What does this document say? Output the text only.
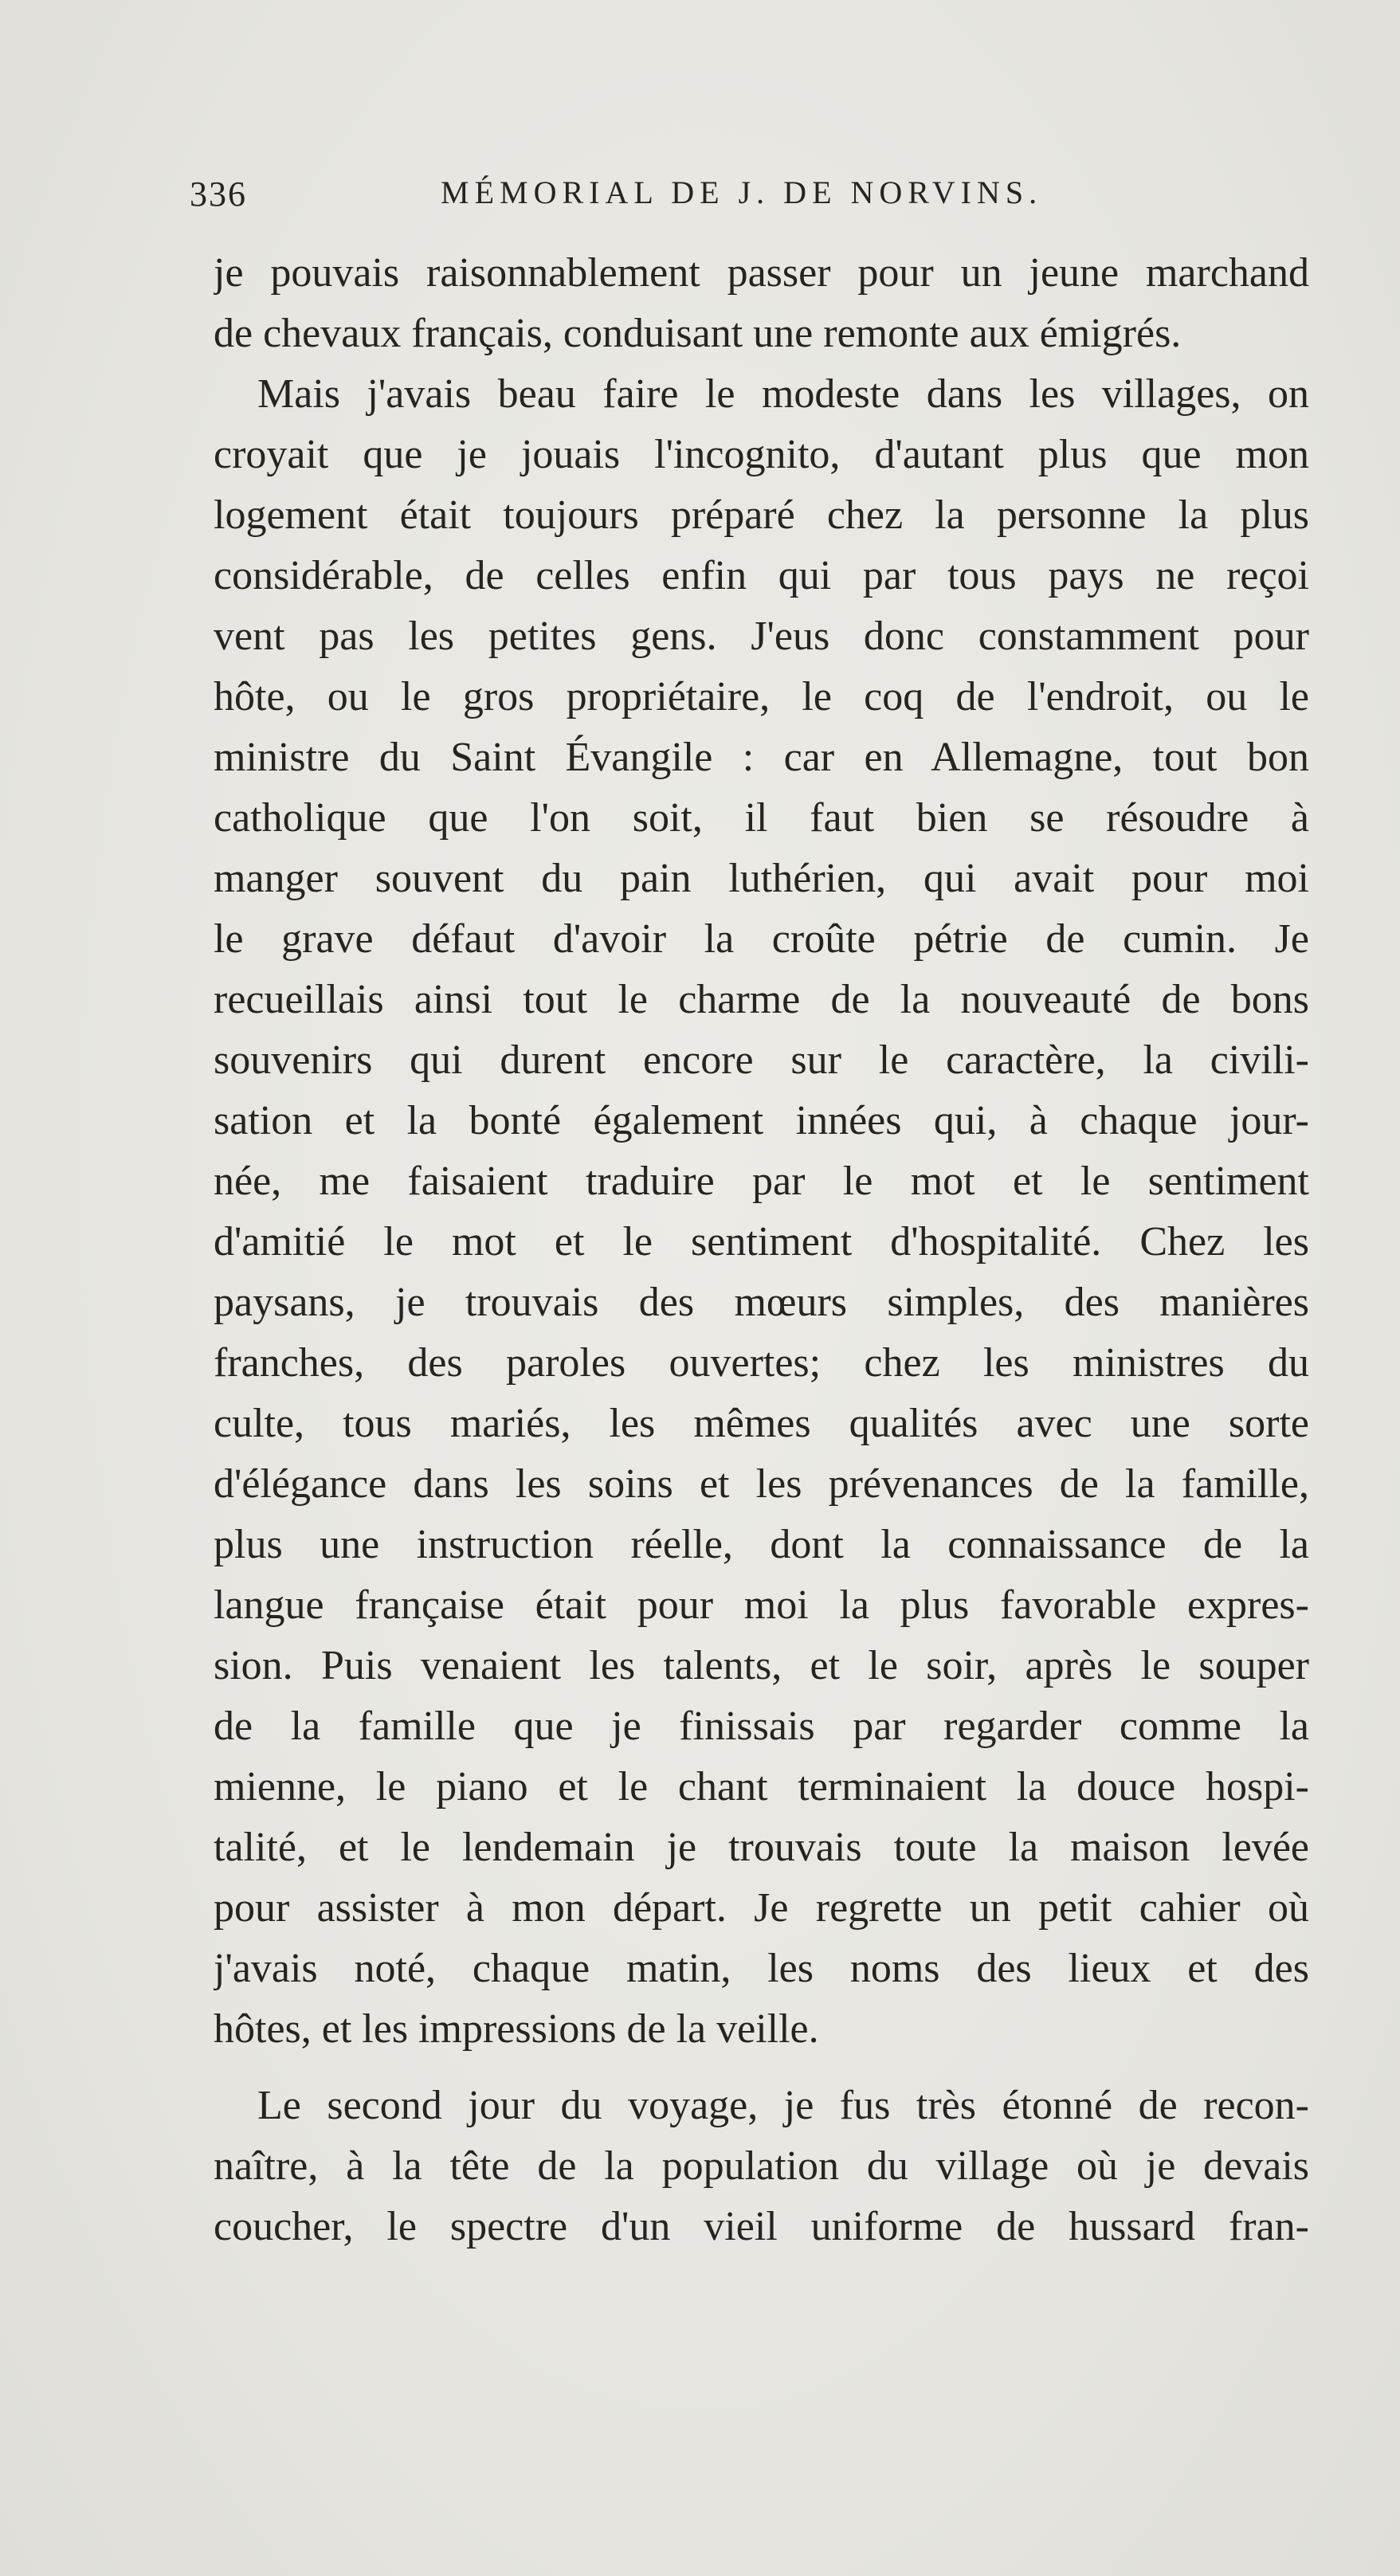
336	MÉMORIAL DE J. DE NORVINS.
je pouvais raisonnablement passer pour un jeune marchand
de chevaux français, conduisant une remonte aux émigrés.
Mais j'avais beau faire le modeste dans les villages, on
croyait que je jouais l'incognito, d'autant plus que mon
logement était toujours préparé chez la personne la plus
considérable, de celles enfin qui par tous pays ne reçoi
vent pas les petites gens. J'eus donc constamment pour
hôte, ou le gros propriétaire, le coq de l'endroit, ou le
ministre du Saint Évangile : car en Allemagne, tout bon
catholique que l'on soit, il faut bien se résoudre à
manger souvent du pain luthérien, qui avait pour moi
le grave défaut d'avoir la croûte pétrie de cumin. Je
recueillais ainsi tout le charme de la nouveauté de bons
souvenirs qui durent encore sur le caractère, la civili-
sation et la bonté également innées qui, à chaque jour-
née, me faisaient traduire par le mot et le sentiment
d'amitié le mot et le sentiment d'hospitalité. Chez les
paysans, je trouvais des mœurs simples, des manières
franches, des paroles ouvertes; chez les ministres du
culte, tous mariés, les mêmes qualités avec une sorte
d'élégance dans les soins et les prévenances de la famille,
plus une instruction réelle, dont la connaissance de la
langue française était pour moi la plus favorable expres-
sion. Puis venaient les talents, et le soir, après le souper
de la famille que je finissais par regarder comme la
mienne, le piano et le chant terminaient la douce hospi-
talité, et le lendemain je trouvais toute la maison levée
pour assister à mon départ. Je regrette un petit cahier où
j'avais noté, chaque matin, les noms des lieux et des
hôtes, et les impressions de la veille.
Le second jour du voyage, je fus très étonné de recon-
naître, à la tête de la population du village où je devais
coucher, le spectre d'un vieil uniforme de hussard fran-
